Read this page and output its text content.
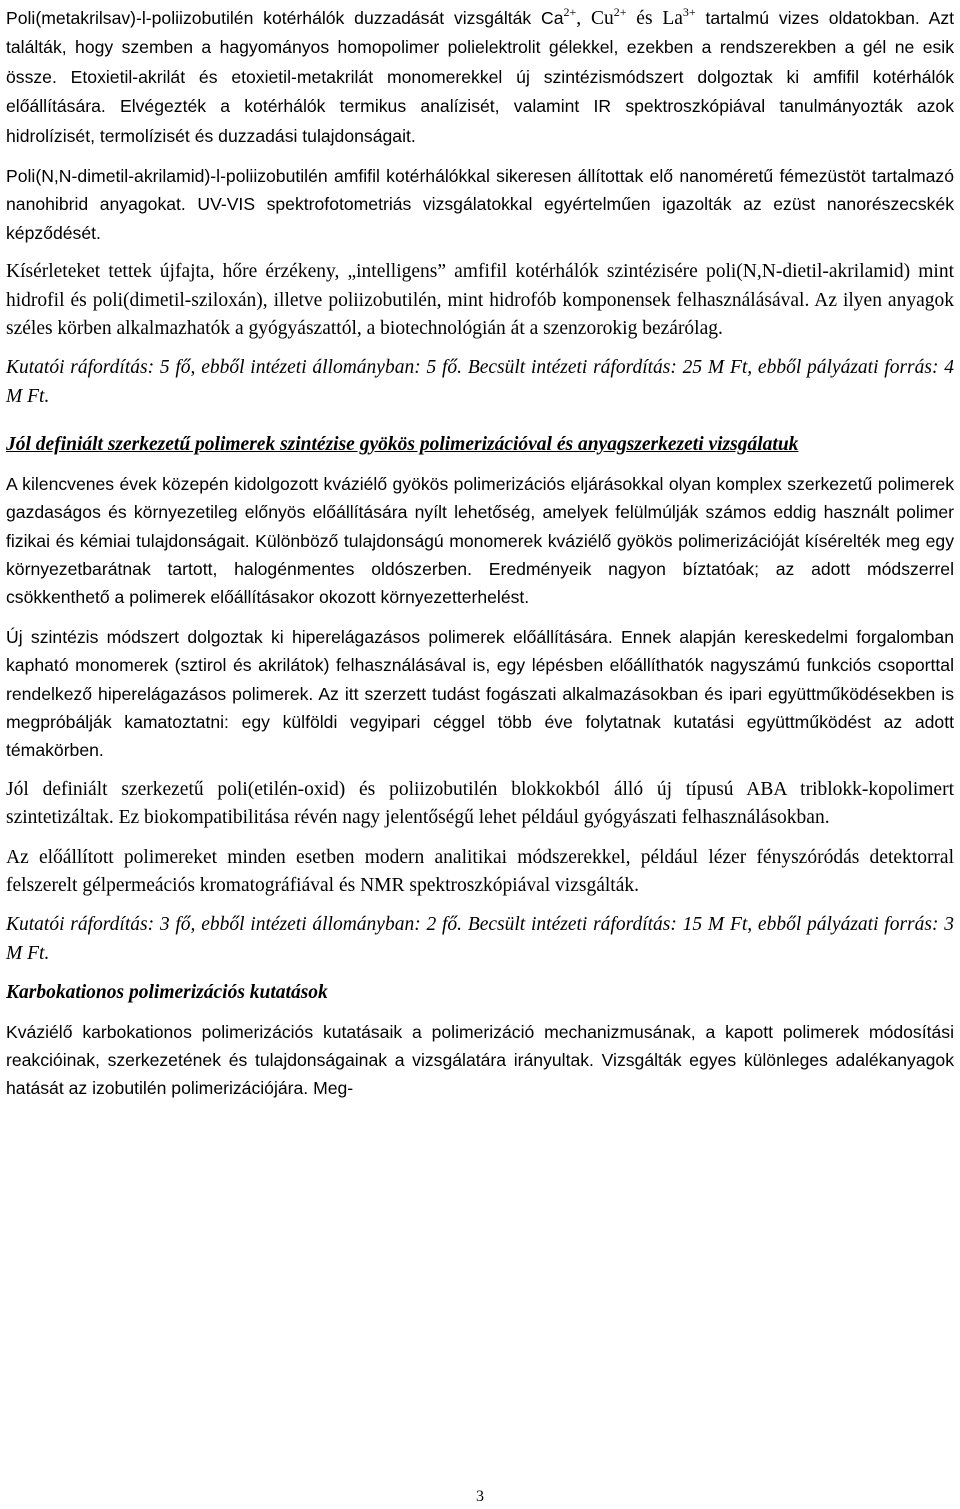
Poli(metakrilsav)-l-poliizobutilén kotérhálók duzzadását vizsgálták $Ca^{2+}$, $Cu^{2+}$ és $La^{3+}$ tartalmú vizes oldatokban. Azt találták, hogy szemben a hagyományos homopolimer polielektrolit gélekkel, ezekben a rendszerekben a gél ne esik össze. Etoxietil-akrilát és etoxietil-metakrilát monomerekkel új szintézismódszert dolgoztak ki amfifil kotérhálók előállítására. Elvégezték a kotérhálók termikus analízisét, valamint IR spektroszkópiával tanulmányozták azok hidrolízisét, termolízisét és duzzadási tulajdonságait.

Poli(N,N-dimetil-akrilamid)-l-poliizobutilén amfifil kotérhálókkal sikeresen állítottak elő nanoméretű fémezüstöt tartalmazó nanohibrid anyagokat. UV-VIS spektrofotometriás vizsgálatokkal egyértelműen igazolták az ezüst nanorészecskék képződését.

Kísérleteket tettek újfajta, hőre érzékeny, „intelligens” amfifil kotérhálók szintézisére poli(N,N-dietil-akrilamid) mint hidrofil és poli(dimetil-sziloxán), illetve poliizobutilén, mint hidrofób komponensek felhasználásával. Az ilyen anyagok széles körben alkalmazhatók a gyógyászattól, a biotechnológián át a szenzorokig bezárólag.

Kutatói ráfordítás: 5 fő, ebből intézeti állományban: 5 fő. Becsült intézeti ráfordítás: 25 M Ft, ebből pályázati forrás: 4 M Ft.

Jól definiált szerkezetű polimerek szintézise gyökös polimerizációval és anyagszerkezeti vizsgálatuk

A kilencvenes évek közepén kidolgozott kváziélő gyökös polimerizációs eljárásokkal olyan komplex szerkezetű polimerek gazdaságos és környezetileg előnyös előállítására nyílt lehetőség, amelyek felülmúlják számos eddig használt polimer fizikai és kémiai tulajdonságait. Különböző tulajdonságú monomerek kváziélő gyökös polimerizációját kísérelték meg egy környezetbarátnak tartott, halogénmentes oldószerben. Eredményeik nagyon bíztatóak; az adott módszerrel csökkenthető a polimerek előállításakor okozott környezetterhelést.

Új szintézis módszert dolgoztak ki hiperelágazásos polimerek előállítására. Ennek alapján kereskedelmi forgalomban kapható monomerek (sztirol és akrilátok) felhasználásával is, egy lépésben előállíthatók nagyszámú funkciós csoporttal rendelkező hiperelágazásos polimerek. Az itt szerzett tudást fogászati alkalmazásokban és ipari együttműködésekben is megpróbálják kamatoztatni: egy külföldi vegyipari céggel több éve folytatnak kutatási együttműködést az adott témakörben.

Jól definiált szerkezetű poli(etilén-oxid) és poliizobutilén blokkokból álló új típusú ABA triblokk-kopolimert szintetizáltak. Ez biokompatibilitása révén nagy jelentőségű lehet például gyógyászati felhasználásokban.

Az előállított polimereket minden esetben modern analitikai módszerekkel, például lézer fényszóródás detektorral felszerelt gélpermeációs kromatográfiával és NMR spektroszkópiával vizsgálták.

Kutatói ráfordítás: 3 fő, ebből intézeti állományban: 2 fő. Becsült intézeti ráfordítás: 15 M Ft, ebből pályázati forrás: 3 M Ft.

Karbokationos polimerizációs kutatások

Kváziélő karbokationos polimerizációs kutatásaik a polimerizáció mechanizmusának, a kapott polimerek módosítási reakcióinak, szerkezetének és tulajdonságainak a vizsgálatára irányultak. Vizsgálták egyes különleges adalékanyagok hatását az izobutilén polimerizációjára. Meg-

3
